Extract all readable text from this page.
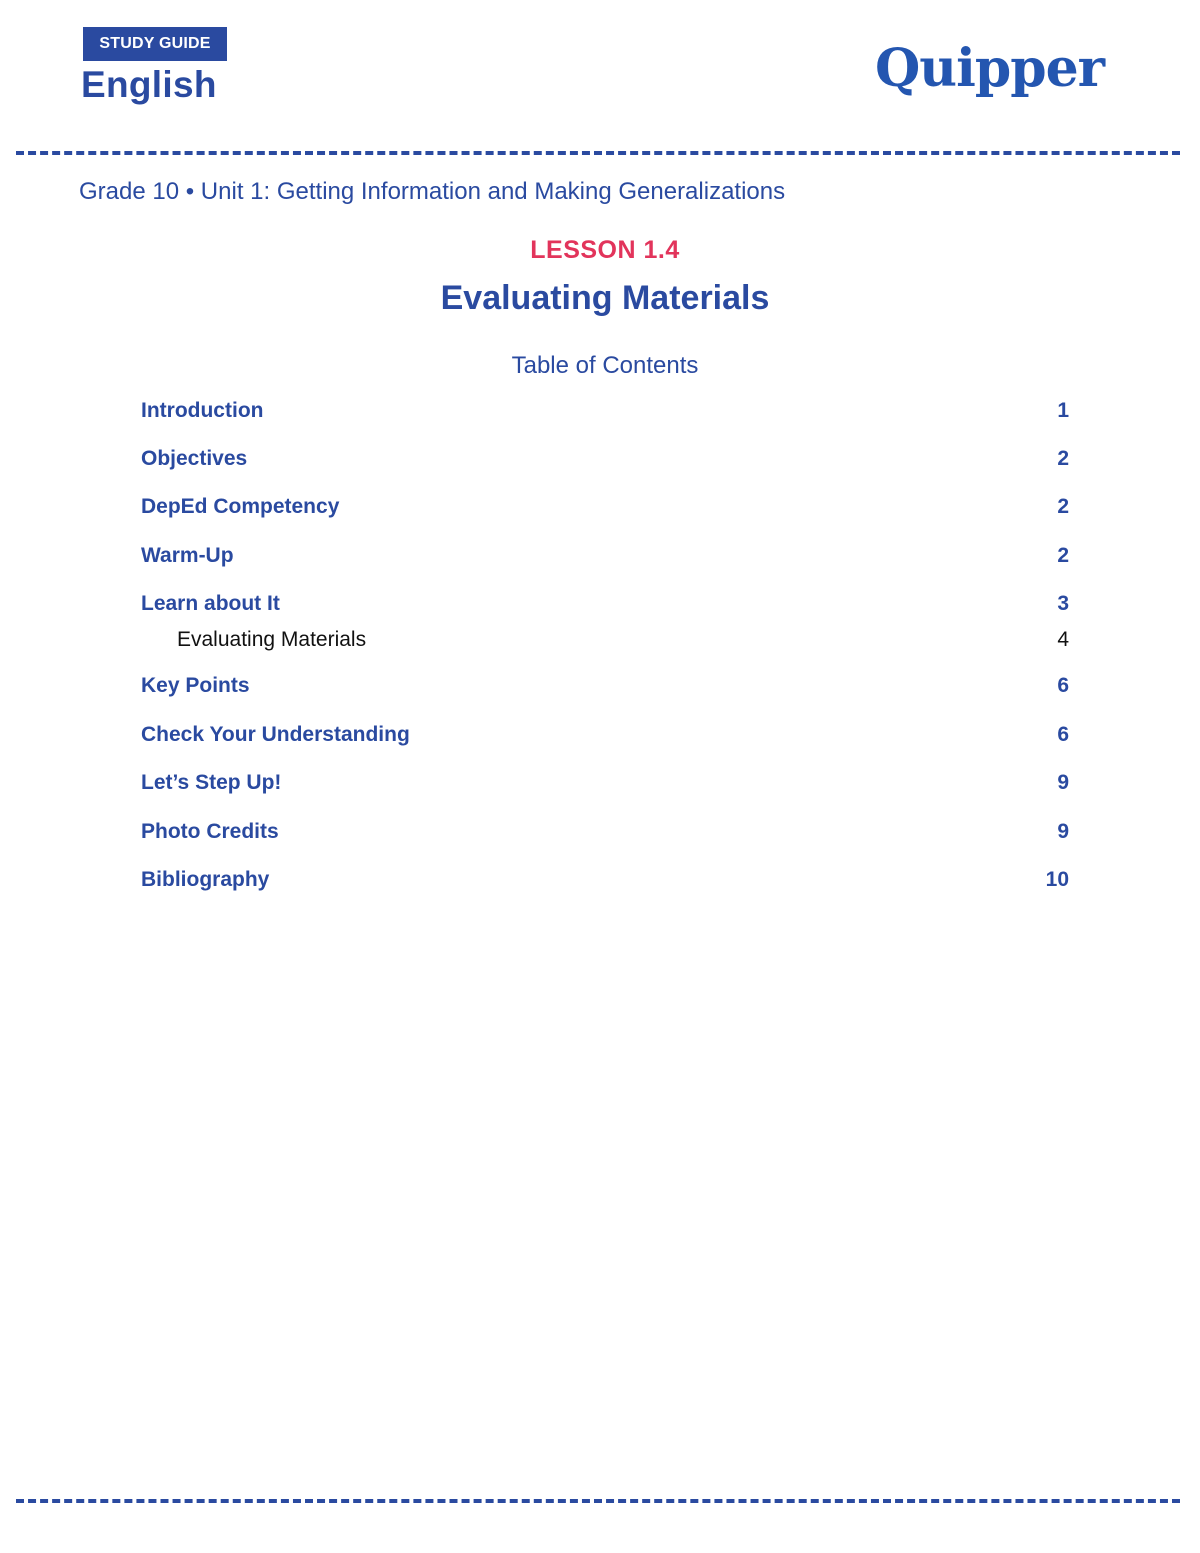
STUDY GUIDE
English	Quipper
Grade 10 • Unit 1: Getting Information and Making Generalizations
LESSON 1.4
Evaluating Materials
Table of Contents
Introduction	1
Objectives	2
DepEd Competency	2
Warm-Up	2
Learn about It	3
Evaluating Materials	4
Key Points	6
Check Your Understanding	6
Let’s Step Up!	9
Photo Credits	9
Bibliography	10
